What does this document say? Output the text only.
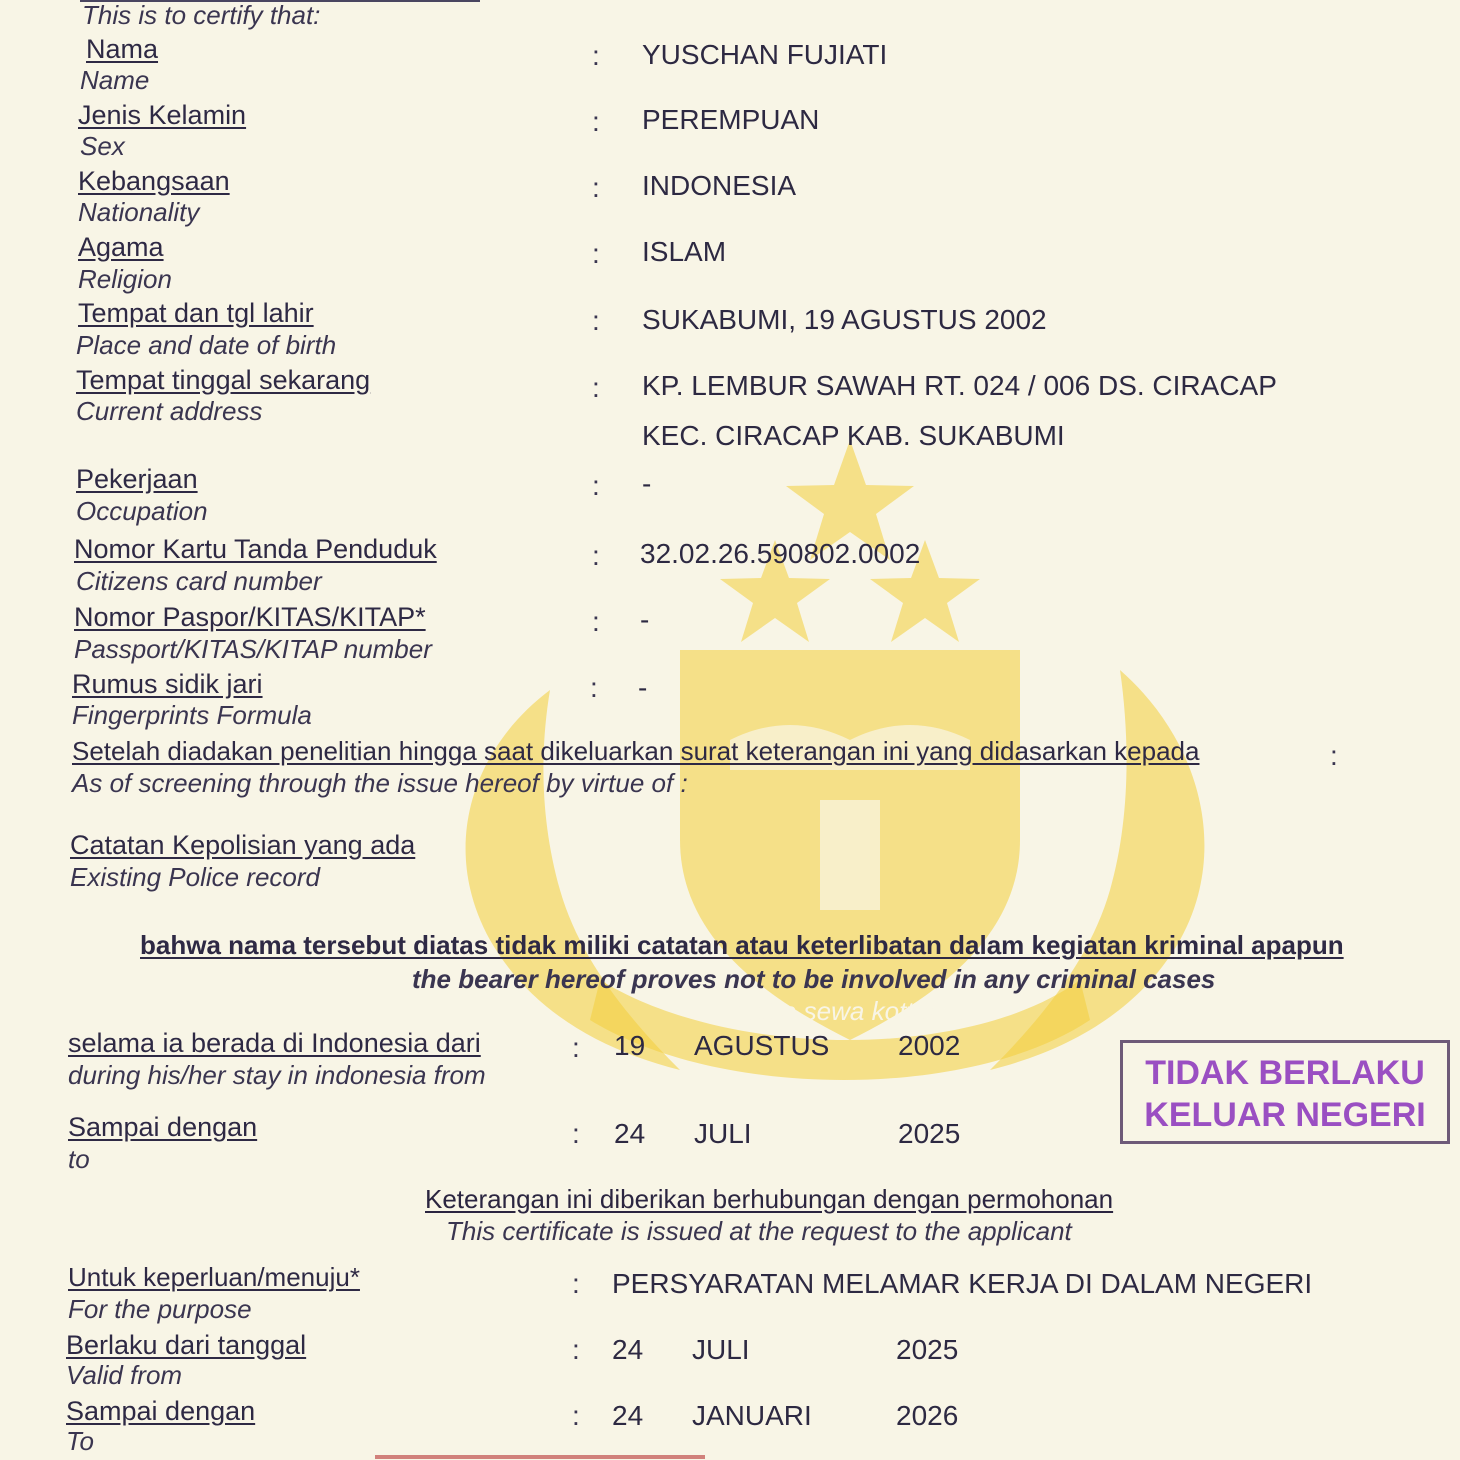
rastra sewa kottama
This is to certify that:
Nama
Name
: YUSCHAN FUJIATI
Jenis Kelamin
Sex
: PEREMPUAN
Kebangsaan
Nationality
: INDONESIA
Agama
Religion
: ISLAM
Tempat dan tgl lahir
Place and date of birth
: SUKABUMI, 19 AGUSTUS 2002
Tempat tinggal sekarang
Current address
: KP. LEMBUR SAWAH RT. 024 / 006 DS. CIRACAP
KEC. CIRACAP KAB. SUKABUMI
Pekerjaan
Occupation
: -
Nomor Kartu Tanda Penduduk
Citizens card number
: 32.02.26.590802.0002
Nomor Paspor/KITAS/KITAP*
Passport/KITAS/KITAP number
: -
Rumus sidik jari
Fingerprints Formula
: -
Setelah diadakan penelitian hingga saat dikeluarkan surat keterangan ini yang didasarkan kepada	:
As of screening through the issue hereof by virtue of :
Catatan Kepolisian yang ada
Existing Police record
bahwa nama tersebut diatas tidak miliki catatan atau keterlibatan dalam kegiatan kriminal apapun
the bearer hereof proves not to be involved in any criminal cases
selama ia berada di Indonesia dari
during his/her stay in indonesia from
: 19 AGUSTUS 2002
Sampai dengan
to
: 24 JULI	2025
TIDAK BERLAKU
KELUAR NEGERI
Keterangan ini diberikan berhubungan dengan permohonan
This certificate is issued at the request to the applicant
Untuk keperluan/menuju*
For the purpose
: PERSYARATAN MELAMAR KERJA DI DALAM NEGERI
Berlaku dari tanggal
Valid from
: 24 JULI	2025
Sampai dengan
To
: 24 JANUARI	2026
